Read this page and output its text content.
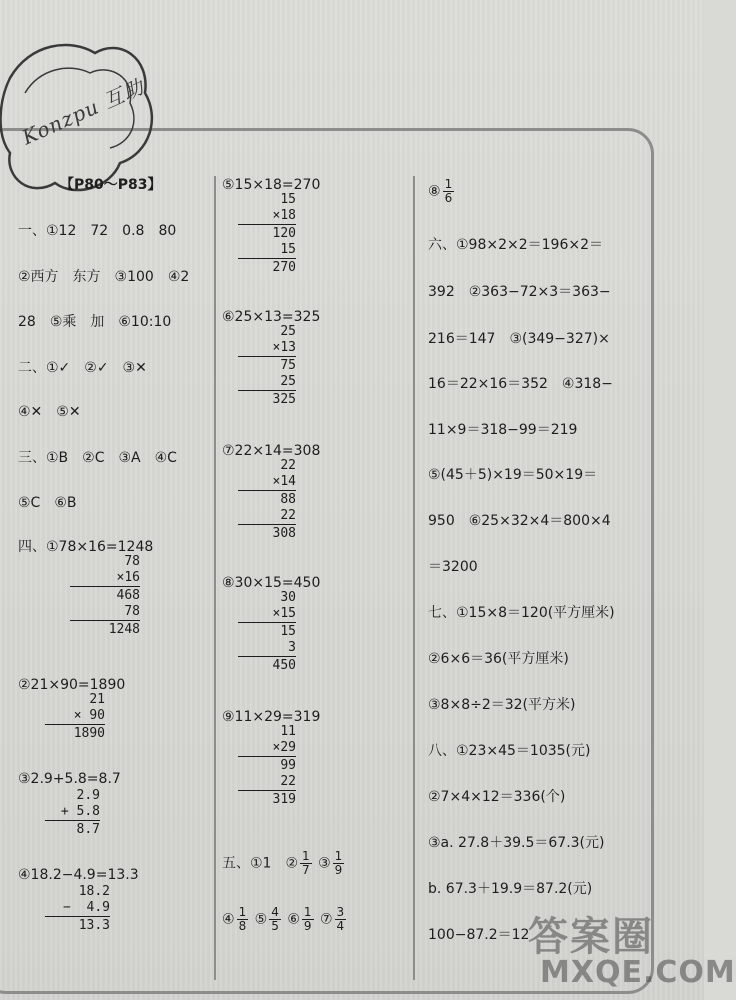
Konzpu 互助
【P80～P83】
一、①12　72　0.8　80
②西方　东方　③100　④2
28　⑤乘　加　⑥10:10
二、①✓　②✓　③✕
④✕　⑤✕
三、①B　②C　③A　④C
⑤C　⑥B
四、①78×16=1248
78
×16
468
78
1248
②21×90=1890
21
× 90
1890
③2.9+5.8=8.7
2.9
+ 5.8
8.7
④18.2−4.9=13.3
18.2
−  4.9
13.3
⑤15×18=270
15
×18
120
15
270
⑥25×13=325
25
×13
75
25
325
⑦22×14=308
22
×14
88
22
308
⑧30×15=450
30
×15
15
3
450
⑨11×29=319
11
×29
99
22
319
五、①1　② $\frac{1}{7}$ ③ $\frac{1}{9}$
④ $\frac{1}{8}$ ⑤ $\frac{4}{5}$ ⑥ $\frac{1}{9}$ ⑦ $\frac{3}{4}$
⑧ $\frac{1}{6}$
六、①98×2×2＝196×2＝
392　②363−72×3＝363−
216＝147　③(349−327)×
16＝22×16＝352　④318−
11×9＝318−99＝219
⑤(45＋5)×19＝50×19＝
950　⑥25×32×4＝800×4
＝3200
七、①15×8＝120(平方厘米)
②6×6＝36(平方厘米)
③8×8÷2＝32(平方米)
八、①23×45＝1035(元)
②7×4×12＝336(个)
③a. 27.8＋39.5＝67.3(元)
b. 67.3＋19.9＝87.2(元)
100−87.2＝12
答案圈
MXQE.COM
